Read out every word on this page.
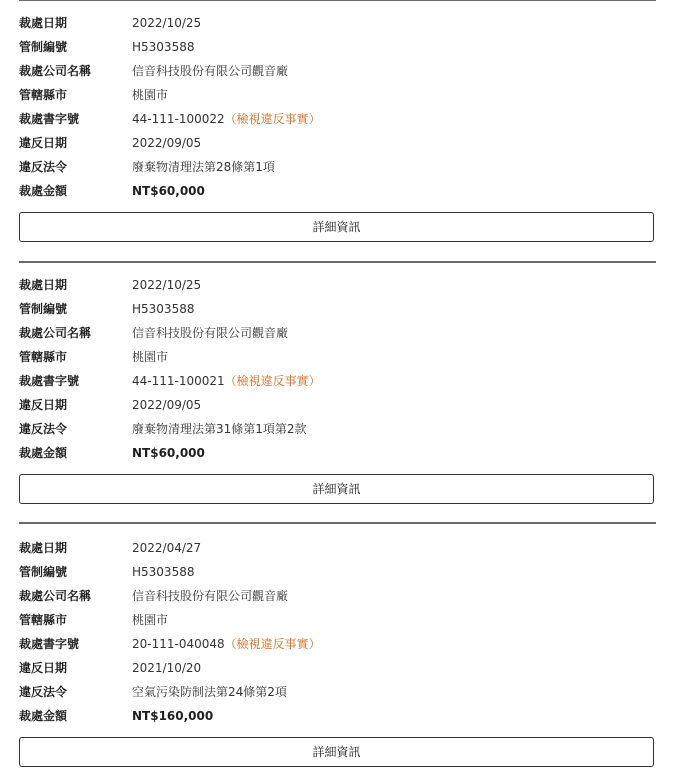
裁處日期	2022/10/25
管制編號	H5303588
裁處公司名稱	信音科技股份有限公司觀音廠
管轄縣市	桃園市
裁處書字號	44-111-100022（檢視違反事實）
違反日期	2022/09/05
違反法令	廢棄物清理法第28條第1項
裁處金額	NT$60,000
詳細資訊
裁處日期	2022/10/25
管制編號	H5303588
裁處公司名稱	信音科技股份有限公司觀音廠
管轄縣市	桃園市
裁處書字號	44-111-100021（檢視違反事實）
違反日期	2022/09/05
違反法令	廢棄物清理法第31條第1項第2款
裁處金額	NT$60,000
詳細資訊
裁處日期	2022/04/27
管制編號	H5303588
裁處公司名稱	信音科技股份有限公司觀音廠
管轄縣市	桃園市
裁處書字號	20-111-040048（檢視違反事實）
違反日期	2021/10/20
違反法令	空氣污染防制法第24條第2項
裁處金額	NT$160,000
詳細資訊
